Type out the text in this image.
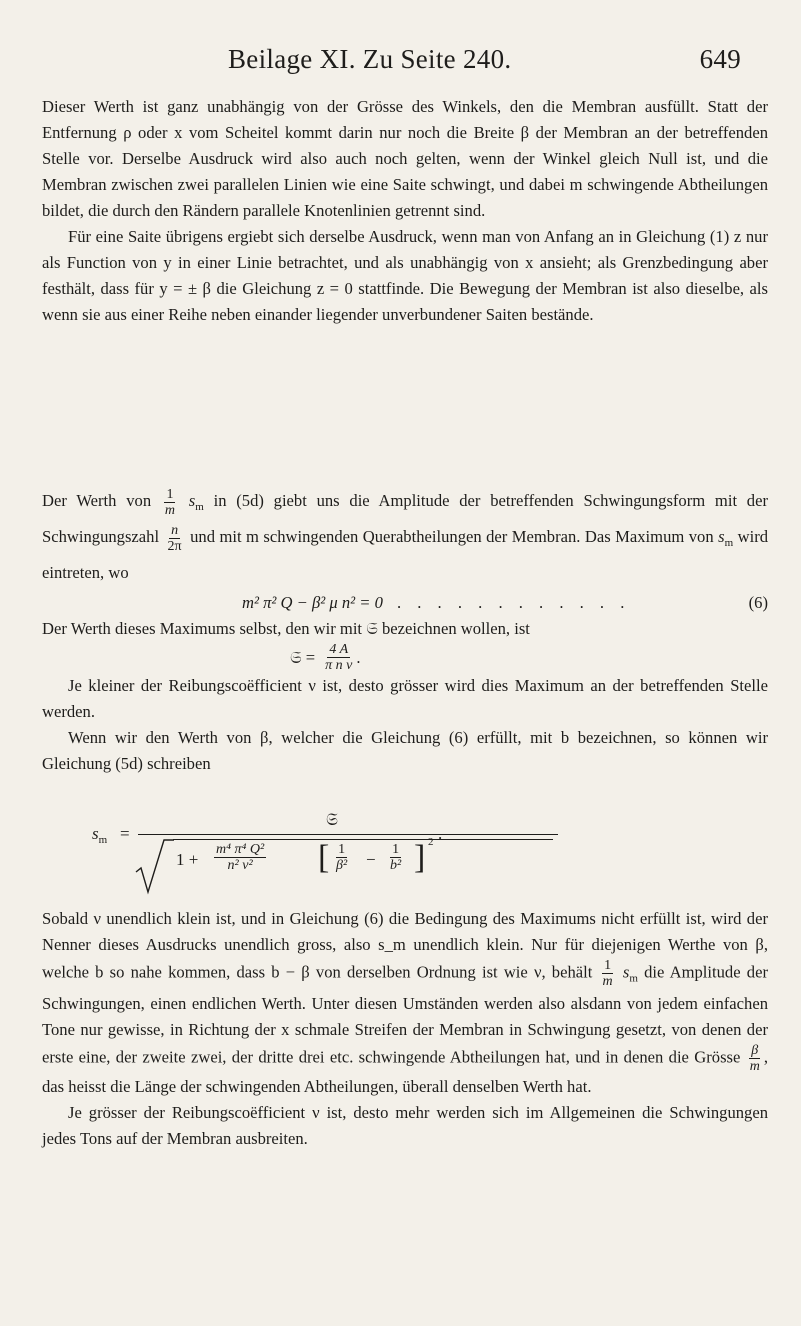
Beilage XI. Zu Seite 240.	649

Dieser Werth ist ganz unabhängig von der Grösse des Winkels, den die Membran ausfüllt. Statt der Entfernung ρ oder x vom Scheitel kommt darin nur noch die Breite β der Membran an der betreffenden Stelle vor. Derselbe Ausdruck wird also auch noch gelten, wenn der Winkel gleich Null ist, und die Membran zwischen zwei parallelen Linien wie eine Saite schwingt, und dabei m schwingende Abtheilungen bildet, die durch den Rändern parallele Knotenlinien getrennt sind.

Für eine Saite übrigens ergiebt sich derselbe Ausdruck, wenn man von Anfang an in Gleichung (1) z nur als Function von y in einer Linie betrachtet, und als unabhängig von x ansieht; als Grenzbedingung aber festhält, dass für y = ± β die Gleichung z = 0 stattfinde. Die Bewegung der Membran ist also dieselbe, als wenn sie aus einer Reihe neben einander liegender unverbundener Saiten bestände.

Der Werth von $\frac{1}{m} s_m$ in (5d) giebt uns die Amplitude der betreffenden Schwingungsform mit der Schwingungszahl $\frac{n}{2\pi}$ und mit m schwingenden Querabtheilungen der Membran. Das Maximum von $s_m$ wird eintreten, wo

m² π² Q − β² μ n² = 0 . . . . . . . . . . . .	(6)

Der Werth dieses Maximums selbst, den wir mit 𝔖 bezeichnen wollen, ist

𝔖 = $\frac{4 A}{\text{π n ν}}$ .

Je kleiner der Reibungscoëfficient ν ist, desto grösser wird dies Maximum an der betreffenden Stelle werden.

Wenn wir den Werth von β, welcher die Gleichung (6) erfüllt, mit b bezeichnen, so können wir Gleichung (5d) schreiben

$s_m$ =
𝔖
$1 + \frac{\text{m⁴ π⁴ Q²}}{\text{n² ν²}}$ [ $\frac{1}{\text{β²}} - \frac{1}{\text{b²}}$ ] 2 .

Sobald ν unendlich klein ist, und in Gleichung (6) die Bedingung des Maximums nicht erfüllt ist, wird der Nenner dieses Ausdrucks unendlich gross, also s_m unendlich klein. Nur für diejenigen Werthe von β, welche b so nahe kommen, dass b − β von derselben Ordnung ist wie ν, behält $\frac{1}{m} s_m$ die Amplitude der Schwingungen, einen endlichen Werth. Unter diesen Umständen werden also alsdann von jedem einfachen Tone nur gewisse, in Richtung der x schmale Streifen der Membran in Schwingung gesetzt, von denen der erste eine, der zweite zwei, der dritte drei etc. schwingende Abtheilungen hat, und in denen die Grösse $\frac{\beta}{m}$ , das heisst die Länge der schwingenden Abtheilungen, überall denselben Werth hat.

Je grösser der Reibungscoëfficient ν ist, desto mehr werden sich im Allgemeinen die Schwingungen jedes Tons auf der Membran ausbreiten.
